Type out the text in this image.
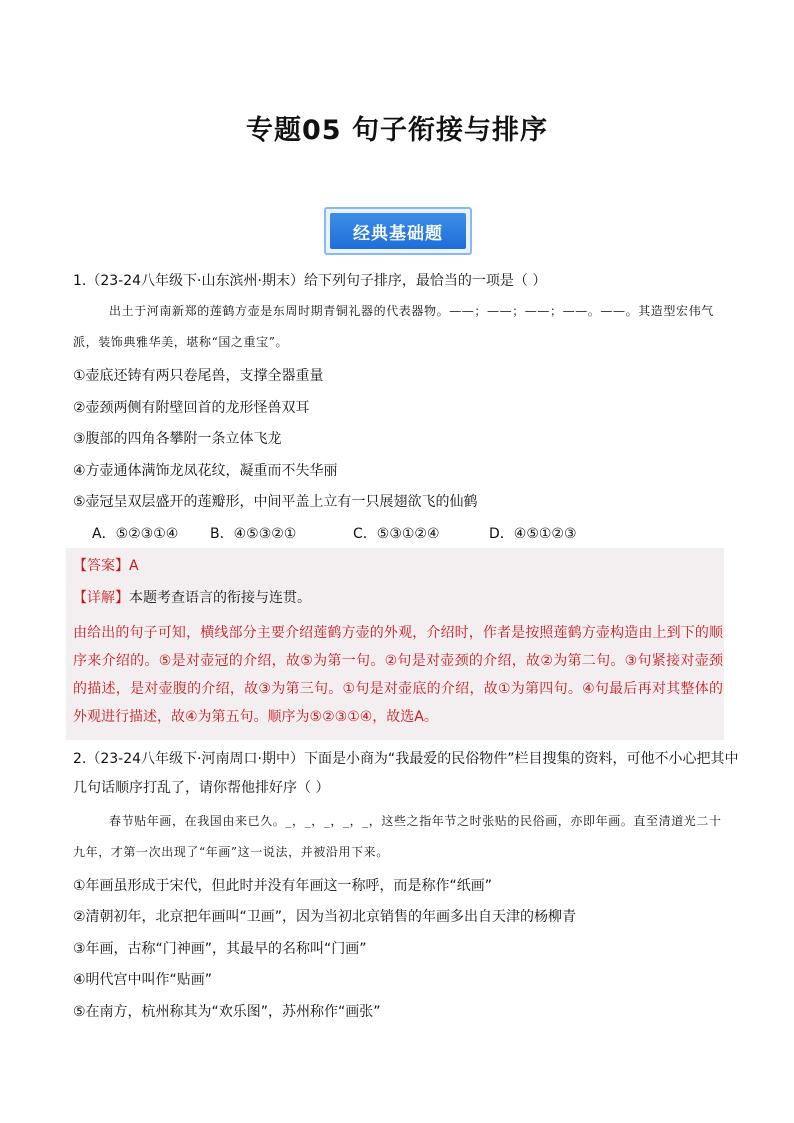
专题05 句子衔接与排序
经典基础题
1.（23-24八年级下·山东滨州·期末）给下列句子排序，最恰当的一项是（ ）
出土于河南新郑的莲鹤方壶是东周时期青铜礼器的代表器物。——；——；——；——。——。其造型宏伟气派，装饰典雅华美，堪称“国之重宝”。
①壶底还铸有两只卷尾兽，支撑全器重量
②壶颈两侧有附壁回首的龙形怪兽双耳
③腹部的四角各攀附一条立体飞龙
④方壶通体满饰龙凤花纹，凝重而不失华丽
⑤壶冠呈双层盛开的莲瓣形，中间平盖上立有一只展翅欲飞的仙鹤
A．⑤②③①④ B．④⑤③②①	C．⑤③①②④	D．④⑤①②③
【答案】A
【详解】本题考查语言的衔接与连贯。
由给出的句子可知，横线部分主要介绍莲鹤方壶的外观，介绍时，作者是按照莲鹤方壶构造由上到下的顺序来介绍的。⑤是对壶冠的介绍，故⑤为第一句。②句是对壶颈的介绍，故②为第二句。③句紧接对壶颈的描述，是对壶腹的介绍，故③为第三句。①句是对壶底的介绍，故①为第四句。④句最后再对其整体的外观进行描述，故④为第五句。顺序为⑤②③①④，故选A。
2.（23-24八年级下·河南周口·期中）下面是小商为“我最爱的民俗物件”栏目搜集的资料，可他不小心把其中
几句话顺序打乱了，请你帮他排好序（ ）
春节贴年画，在我国由来已久。_，_，_，_，_，这些之指年节之时张贴的民俗画，亦即年画。直至清道光二十九年，才第一次出现了“年画”这一说法，并被沿用下来。
①年画虽形成于宋代，但此时并没有年画这一称呼，而是称作“纸画”
②清朝初年，北京把年画叫“卫画”，因为当初北京销售的年画多出自天津的杨柳青
③年画，古称“门神画”，其最早的名称叫“门画”
④明代宫中叫作“贴画”
⑤在南方，杭州称其为“欢乐图”，苏州称作“画张”
